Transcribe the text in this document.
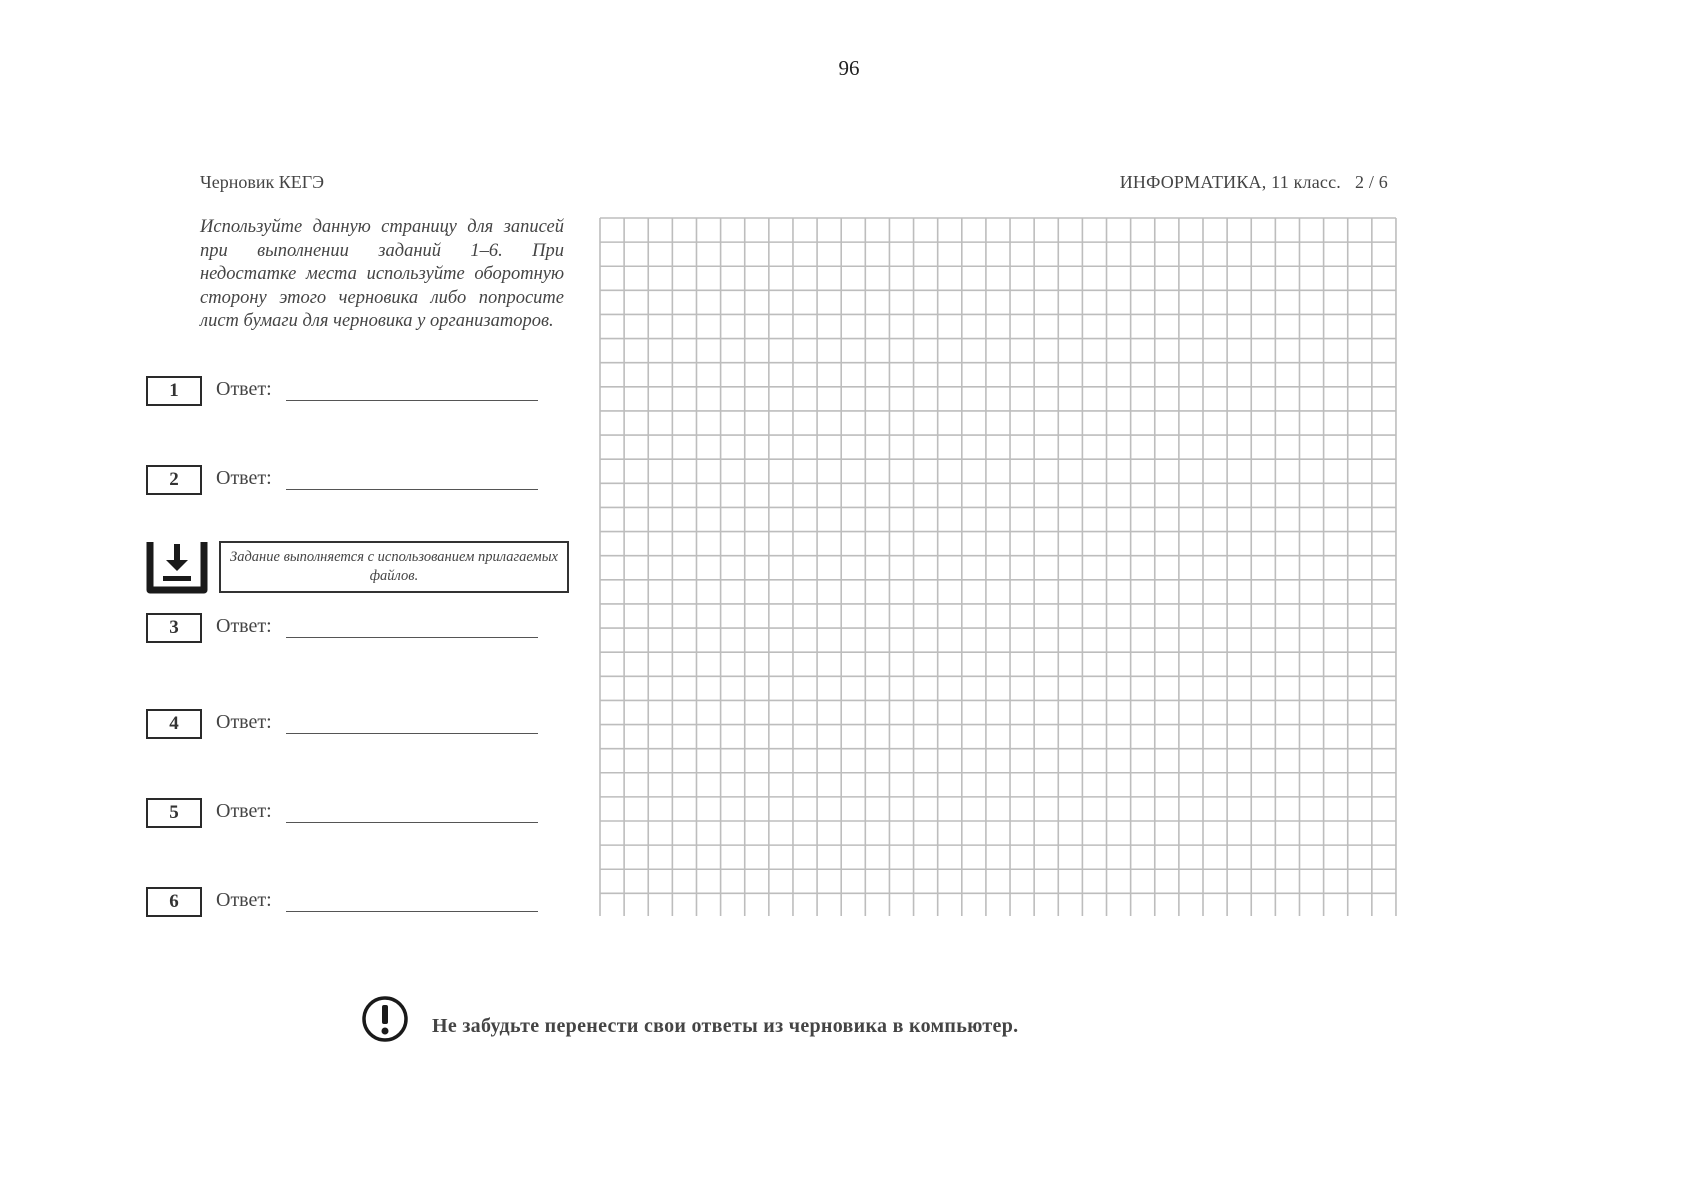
96
Черновик КЕГЭ	ИНФОРМАТИКА, 11 класс. 2 / 6
Используйте данную страницу для записей при выполнении заданий 1–6. При недостатке места используйте оборотную сторону этого черновика либо попросите лист бумаги для черновика у организаторов.
1	Ответ:
2	Ответ:
Задание выполняется с использованием прилагаемых файлов.
3	Ответ:
4	Ответ:
5	Ответ:
6	Ответ:
Не забудьте перенести свои ответы из черновика в компьютер.
